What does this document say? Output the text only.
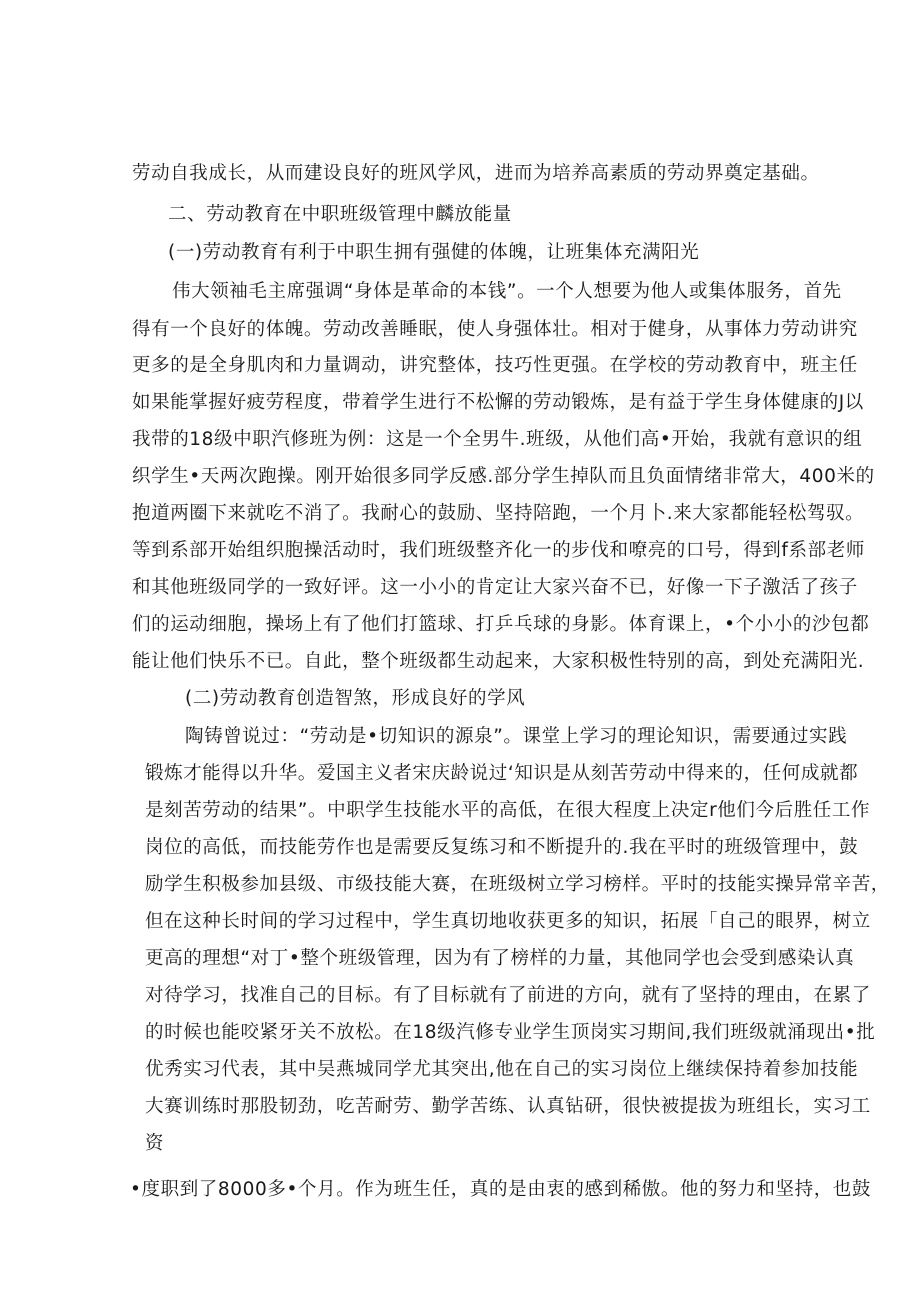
劳动自我成长，从而建设良好的班风学风，进而为培养高素质的劳动界奠定基础。
二、劳动教育在中职班级管理中麟放能量
(一)劳动教育有利于中职生拥有强健的体魄，让班集体充满阳光
伟大领袖毛主席强调“身体是革命的本钱”。一个人想要为他人或集体服务，首先
得有一个良好的体魄。劳动改善睡眠，使人身强体壮。相对于健身，从事体力劳动讲究
更多的是全身肌肉和力量调动，讲究整体，技巧性更强。在学校的劳动教育中，班主任
如果能掌握好疲劳程度，带着学生进行不松懈的劳动锻炼，是有益于学生身体健康的J以
我带的18级中职汽修班为例：这是一个全男牛.班级，从他们高•开始，我就有意识的组
织学生•天两次跑操。刚开始很多同学反感.部分学生掉队而且负面情绪非常大，400米的
抱道两圈下来就吃不消了。我耐心的鼓励、坚持陪跑，一个月卜.来大家都能轻松驾驭。
等到系部开始组织胞操活动时，我们班级整齐化一的步伐和嘹亮的口号，得到f系部老师
和其他班级同学的一致好评。这一小小的肯定让大家兴奋不已，好像一下子激活了孩子
们的运动细胞，操场上有了他们打篮球、打乒乓球的身影。体育课上，•个小小的沙包都
能让他们快乐不已。自此，整个班级都生动起来，大家积极性特别的高，到处充满阳光.
(二)劳动教育创造智煞，形成良好的学风
陶铸曾说过：“劳动是•切知识的源泉”。课堂上学习的理论知识，需要通过实践
锻炼才能得以升华。爱国主义者宋庆龄说过‘知识是从刻苦劳动中得来的，任何成就都
是刻苦劳动的结果”。中职学生技能水平的高低，在很大程度上决定r他们今后胜任工作
岗位的高低，而技能劳作也是需要反复练习和不断提升的.我在平时的班级管理中，鼓
励学生积极参加县级、市级技能大赛，在班级树立学习榜样。平时的技能实操异常辛苦，
但在这种长时间的学习过程中，学生真切地收获更多的知识，拓展「自己的眼界，树立
更高的理想“对丁•整个班级管理，因为有了榜样的力量，其他同学也会受到感染认真
对待学习，找准自己的目标。有了目标就有了前进的方向，就有了坚持的理由，在累了
的时候也能咬紧牙关不放松。在18级汽修专业学生顶岗实习期间,我们班级就涌现出•批
优秀实习代表，其中吴燕城同学尤其突出,他在自己的实习岗位上继续保持着参加技能
大赛训练时那股韧劲，吃苦耐劳、勤学苦练、认真钻研，很快被提拔为班组长，实习工
资
•度职到了8000多•个月。作为班生任，真的是由衷的感到稀傲。他的努力和坚持，也鼓
